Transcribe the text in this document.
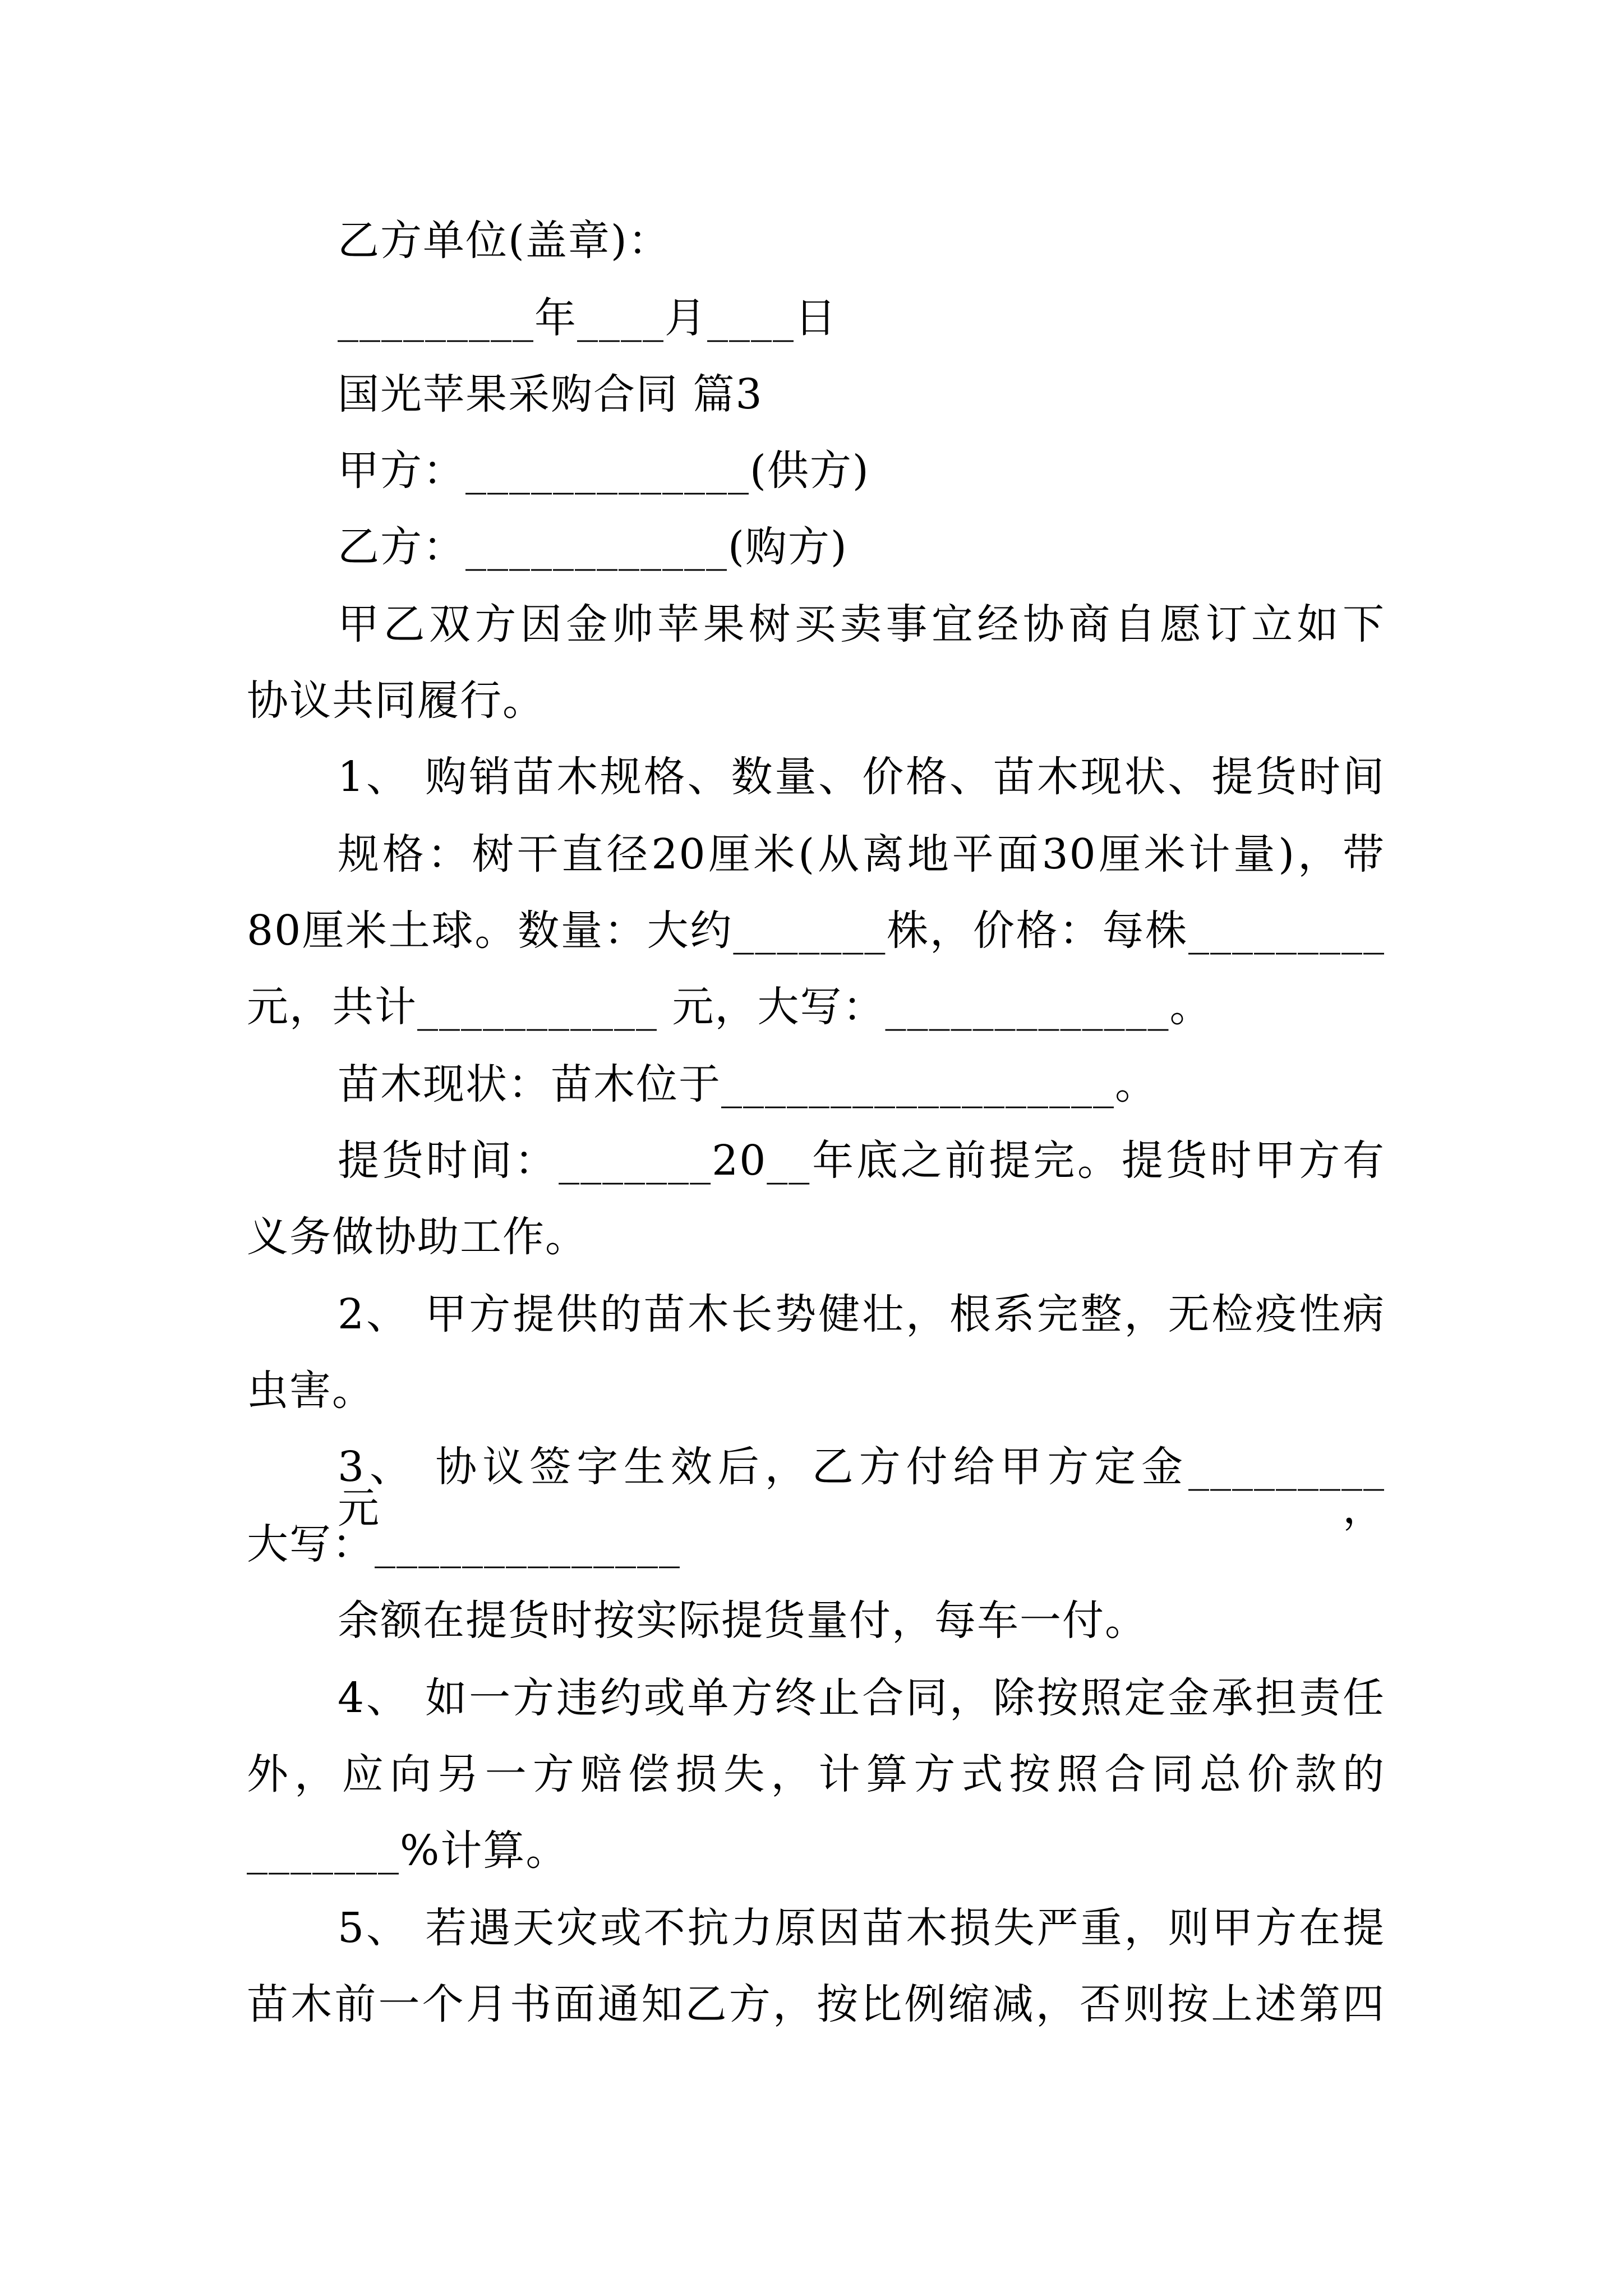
乙方单位(盖章)：
_________年____月____日
国光苹果采购合同 篇3
甲方：_____________(供方)
乙方：____________(购方)
甲乙双方因金帅苹果树买卖事宜经协商自愿订立如下
协议共同履行。
1、 购销苗木规格、数量、价格、苗木现状、提货时间
规格：树干直径20厘米(从离地平面30厘米计量)，带
80厘米土球。数量：大约_______株，价格：每株_________
元，共计___________ 元，大写：_____________。
苗木现状：苗木位于__________________。
提货时间：_______20__年底之前提完。提货时甲方有
义务做协助工作。
2、 甲方提供的苗木长势健壮，根系完整，无检疫性病
虫害。
3、 协议签字生效后，乙方付给甲方定金_________元，
大写：______________
余额在提货时按实际提货量付，每车一付。
4、 如一方违约或单方终止合同，除按照定金承担责任
外，应向另一方赔偿损失，计算方式按照合同总价款的
_______%计算。
5、 若遇天灾或不抗力原因苗木损失严重，则甲方在提
苗木前一个月书面通知乙方，按比例缩减，否则按上述第四
